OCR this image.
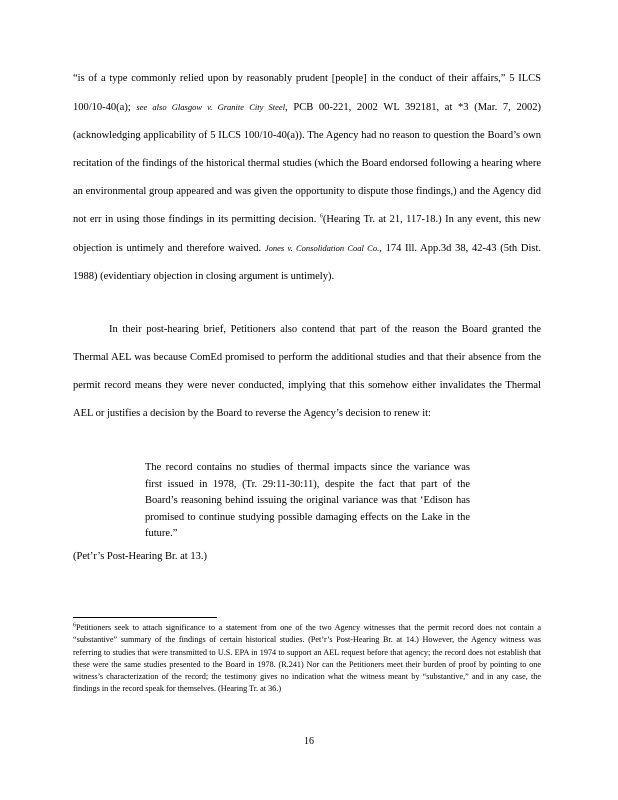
“is of a type commonly relied upon by reasonably prudent [people] in the conduct of their affairs,” 5 ILCS 100/10-40(a); see also Glasgow v. Granite City Steel, PCB 00-221, 2002 WL 392181, at *3 (Mar. 7, 2002) (acknowledging applicability of 5 ILCS 100/10-40(a)). The Agency had no reason to question the Board’s own recitation of the findings of the historical thermal studies (which the Board endorsed following a hearing where an environmental group appeared and was given the opportunity to dispute those findings,) and the Agency did not err in using those findings in its permitting decision. $^6$(Hearing Tr. at 21, 117-18.) In any event, this new objection is untimely and therefore waived. Jones v. Consolidation Coal Co., 174 Ill. App.3d 38, 42-43 (5th Dist. 1988) (evidentiary objection in closing argument is untimely).

In their post-hearing brief, Petitioners also contend that part of the reason the Board granted the Thermal AEL was because ComEd promised to perform the additional studies and that their absence from the permit record means they were never conducted, implying that this somehow either invalidates the Thermal AEL or justifies a decision by the Board to reverse the Agency’s decision to renew it:

The record contains no studies of thermal impacts since the variance was first issued in 1978, (Tr. 29:11-30:11), despite the fact that part of the Board’s reasoning behind issuing the original variance was that ‘Edison has promised to continue studying possible damaging effects on the Lake in the future.”
(Pet’r’s Post-Hearing Br. at 13.)
$^6$Petitioners seek to attach significance to a statement from one of the two Agency witnesses that the permit record does not contain a “substantive” summary of the findings of certain historical studies. (Pet’r’s Post-Hearing Br. at 14.) However, the Agency witness was referring to studies that were transmitted to U.S. EPA in 1974 to support an AEL request before that agency; the record does not establish that these were the same studies presented to the Board in 1978. (R.241) Nor can the Petitioners meet their burden of proof by pointing to one witness’s characterization of the record; the testimony gives no indication what the witness meant by “substantive,” and in any case, the findings in the record speak for themselves. (Hearing Tr. at 36.)
16
